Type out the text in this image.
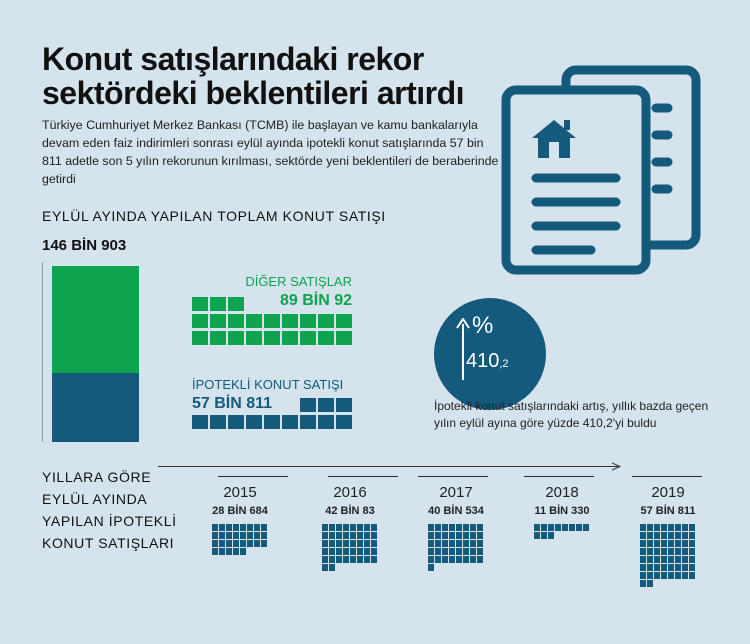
Konut satışlarındaki rekor sektördeki beklentileri artırdı
Türkiye Cumhuriyet Merkez Bankası (TCMB) ile başlayan ve kamu bankalarıyla devam eden faiz indirimleri sonrası eylül ayında ipotekli konut satışlarında 57 bin 811 adetle son 5 yılın rekorunun kırılması, sektörde yeni beklentileri de beraberinde getirdi
EYLÜL AYINDA YAPILAN TOPLAM KONUT SATIŞI
146 BİN 903
DİĞER SATIŞLAR
89 BİN 92
İPOTEKLİ KONUT SATIŞI
57 BİN 811
%
410,2
İpotekli konut satışlarındaki artış, yıllık bazda geçen yılın eylül ayına göre yüzde 410,2'yi buldu
YILLARA GÖRE EYLÜL AYINDA YAPILAN İPOTEKLİ KONUT SATIŞLARI
2015
28 BİN 684
2016
42 BİN 83
2017
40 BİN 534
2018
11 BİN 330
2019
57 BİN 811
